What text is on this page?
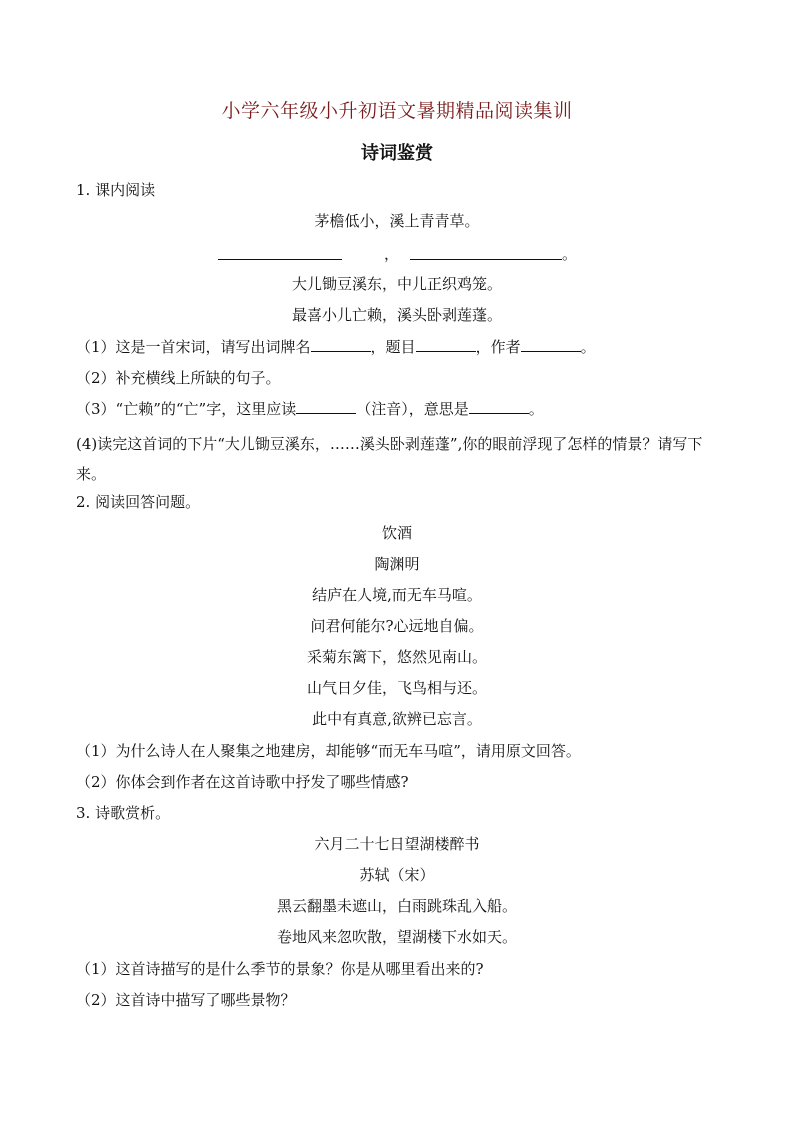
小学六年级小升初语文暑期精品阅读集训
诗词鉴赏
1. 课内阅读
茅檐低小，溪上青青草。
，	。
大儿锄豆溪东，中儿正织鸡笼。
最喜小儿亡赖，溪头卧剥莲蓬。
（1）这是一首宋词，请写出词牌名	，题目	，作者	。
（2）补充横线上所缺的句子。
（3）“亡赖”的“亡”字，这里应读	（注音），意思是	。
(4)读完这首词的下片“大儿锄豆溪东，……溪头卧剥莲蓬”,你的眼前浮现了怎样的情景？请写下来。
2. 阅读回答问题。
饮酒
陶渊明
结庐在人境,而无车马喧。
问君何能尔?心远地自偏。
采菊东篱下，悠然见南山。
山气日夕佳，飞鸟相与还。
此中有真意,欲辨已忘言。
（1）为什么诗人在人聚集之地建房，却能够“而无车马喧”，请用原文回答。
（2）你体会到作者在这首诗歌中抒发了哪些情感?
3. 诗歌赏析。
六月二十七日望湖楼醉书
苏轼（宋）
黑云翻墨未遮山，白雨跳珠乱入船。
卷地风来忽吹散，望湖楼下水如天。
（1）这首诗描写的是什么季节的景象？你是从哪里看出来的?
（2）这首诗中描写了哪些景物？
